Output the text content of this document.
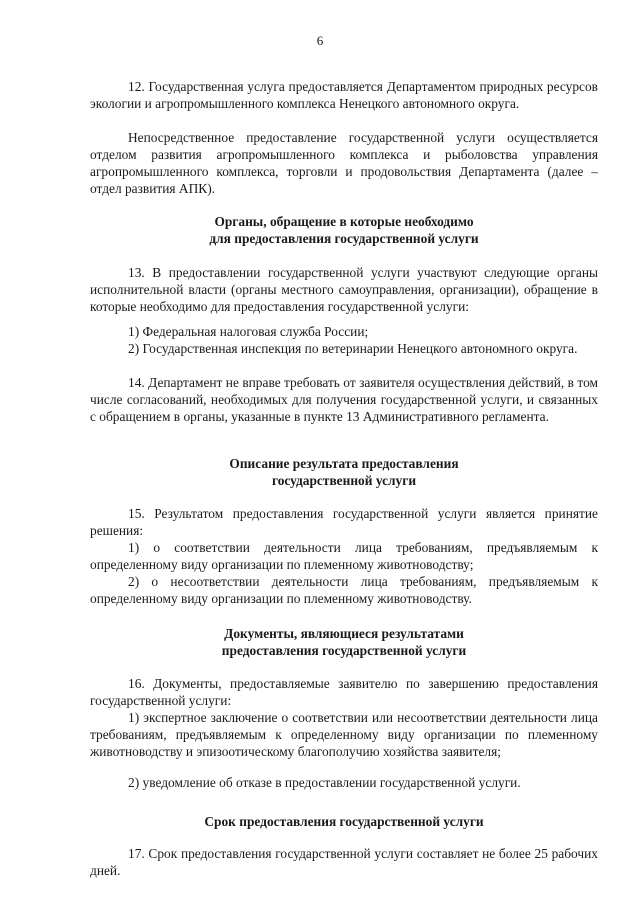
6

12. Государственная услуга предоставляется Департаментом природных ресурсов экологии и агропромышленного комплекса Ненецкого автономного округа.

Непосредственное предоставление государственной услуги осуществляется отделом развития агропромышленного комплекса и рыболовства управления агропромышленного комплекса, торговли и продовольствия Департамента (далее – отдел развития АПК).

Органы, обращение в которые необходимо
для предоставления государственной услуги

13. В предоставлении государственной услуги участвуют следующие органы исполнительной власти (органы местного самоуправления, организации), обращение в которые необходимо для предоставления государственной услуги:

1) Федеральная налоговая служба России;

2) Государственная инспекция по ветеринарии Ненецкого автономного округа.

14. Департамент не вправе требовать от заявителя осуществления действий, в том числе согласований, необходимых для получения государственной услуги, и связанных с обращением в органы, указанные в пункте 13 Административного регламента.

Описание результата предоставления
государственной услуги

15. Результатом предоставления государственной услуги является принятие решения:

1) о соответствии деятельности лица требованиям, предъявляемым к определенному виду организации по племенному животноводству;

2) о несоответствии деятельности лица требованиям, предъявляемым к определенному виду организации по племенному животноводству.

Документы, являющиеся результатами
предоставления государственной услуги

16. Документы, предоставляемые заявителю по завершению предоставления государственной услуги:

1) экспертное заключение о соответствии или несоответствии деятельности лица требованиям, предъявляемым к определенному виду организации по племенному животноводству и эпизоотическому благополучию хозяйства заявителя;

2) уведомление об отказе в предоставлении государственной услуги.

Срок предоставления государственной услуги

17. Срок предоставления государственной услуги составляет не более 25 рабочих дней.
